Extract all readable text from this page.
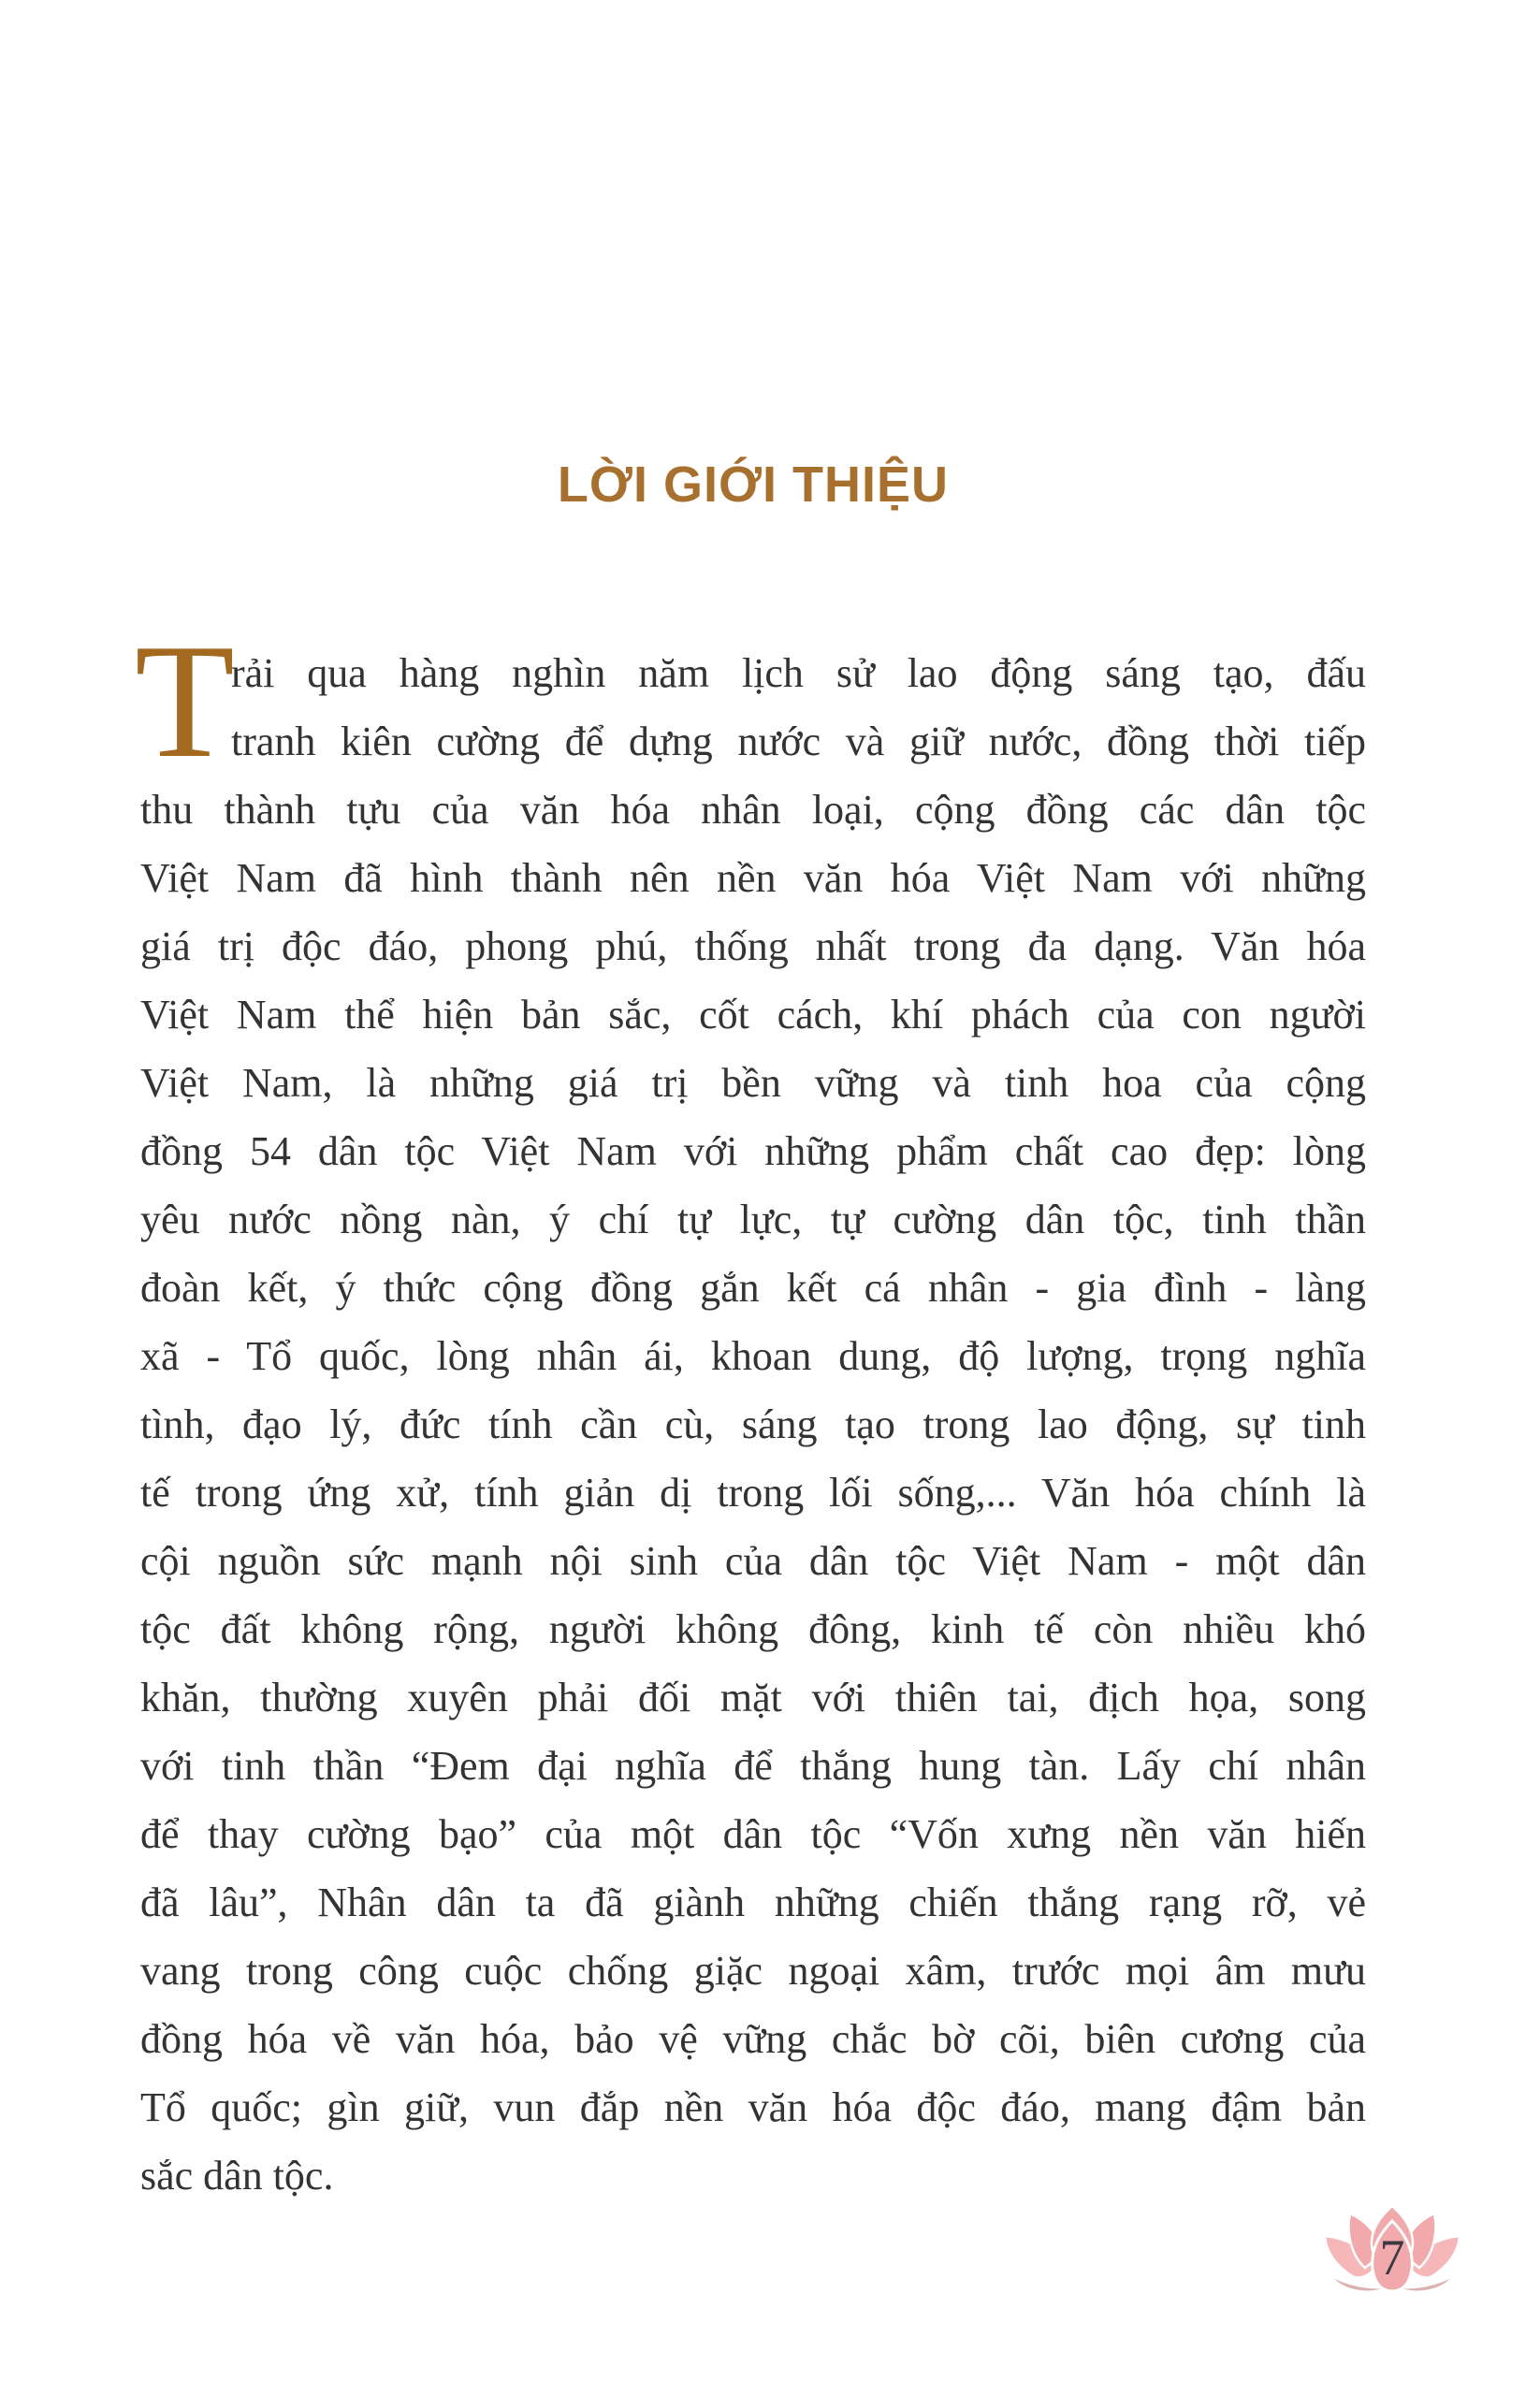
LỜI GIỚI THIỆU
T
rải qua hàng nghìn năm lịch sử lao động sáng tạo, đấu
tranh kiên cường để dựng nước và giữ nước, đồng thời tiếp
thu thành tựu của văn hóa nhân loại, cộng đồng các dân tộc
Việt Nam đã hình thành nên nền văn hóa Việt Nam với những
giá trị độc đáo, phong phú, thống nhất trong đa dạng. Văn hóa
Việt Nam thể hiện bản sắc, cốt cách, khí phách của con người
Việt Nam, là những giá trị bền vững và tinh hoa của cộng
đồng 54 dân tộc Việt Nam với những phẩm chất cao đẹp: lòng
yêu nước nồng nàn, ý chí tự lực, tự cường dân tộc, tinh thần
đoàn kết, ý thức cộng đồng gắn kết cá nhân - gia đình - làng
xã - Tổ quốc, lòng nhân ái, khoan dung, độ lượng, trọng nghĩa
tình, đạo lý, đức tính cần cù, sáng tạo trong lao động, sự tinh
tế trong ứng xử, tính giản dị trong lối sống,... Văn hóa chính là
cội nguồn sức mạnh nội sinh của dân tộc Việt Nam - một dân
tộc đất không rộng, người không đông, kinh tế còn nhiều khó
khăn, thường xuyên phải đối mặt với thiên tai, địch họa, song
với tinh thần “Đem đại nghĩa để thắng hung tàn. Lấy chí nhân
để thay cường bạo” của một dân tộc “Vốn xưng nền văn hiến
đã lâu”, Nhân dân ta đã giành những chiến thắng rạng rỡ, vẻ
vang trong công cuộc chống giặc ngoại xâm, trước mọi âm mưu
đồng hóa về văn hóa, bảo vệ vững chắc bờ cõi, biên cương của
Tổ quốc; gìn giữ, vun đắp nền văn hóa độc đáo, mang đậm bản
sắc dân tộc.
7
